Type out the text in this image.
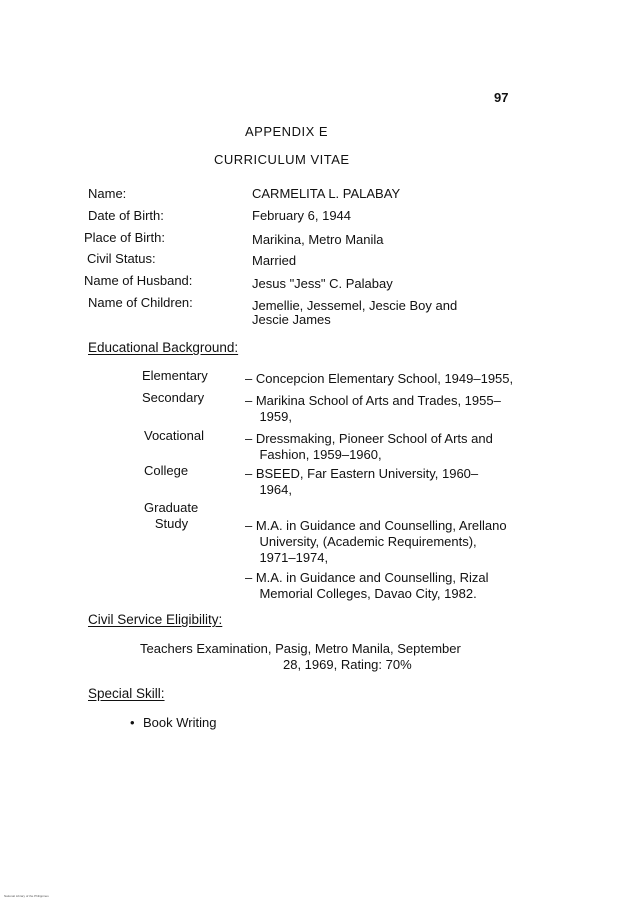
97
APPENDIX E
CURRICULUM VITAE
Name:	CARMELITA L. PALABAY
Date of Birth:	February 6, 1944
Place of Birth:	Marikina, Metro Manila
Civil Status:	Married
Name of Husband:	Jesus "Jess" C. Palabay
Name of Children:	Jemellie, Jessemel, Jescie Boy and
Jescie James
Educational Background:
Elementary	– Concepcion Elementary School, 1949–1955,
Secondary	– Marikina School of Arts and Trades, 1955–
1959,
Vocational	– Dressmaking, Pioneer School of Arts and
Fashion, 1959–1960,
College	– BSEED, Far Eastern University, 1960–
1964,
Graduate
Study	– M.A. in Guidance and Counselling, Arellano
University, (Academic Requirements),
1971–1974,
– M.A. in Guidance and Counselling, Rizal
Memorial Colleges, Davao City, 1982.
Civil Service Eligibility:
Teachers Examination, Pasig, Metro Manila, September
28, 1969, Rating: 70%
Special Skill:
• Book Writing
National Library of the Philippines
